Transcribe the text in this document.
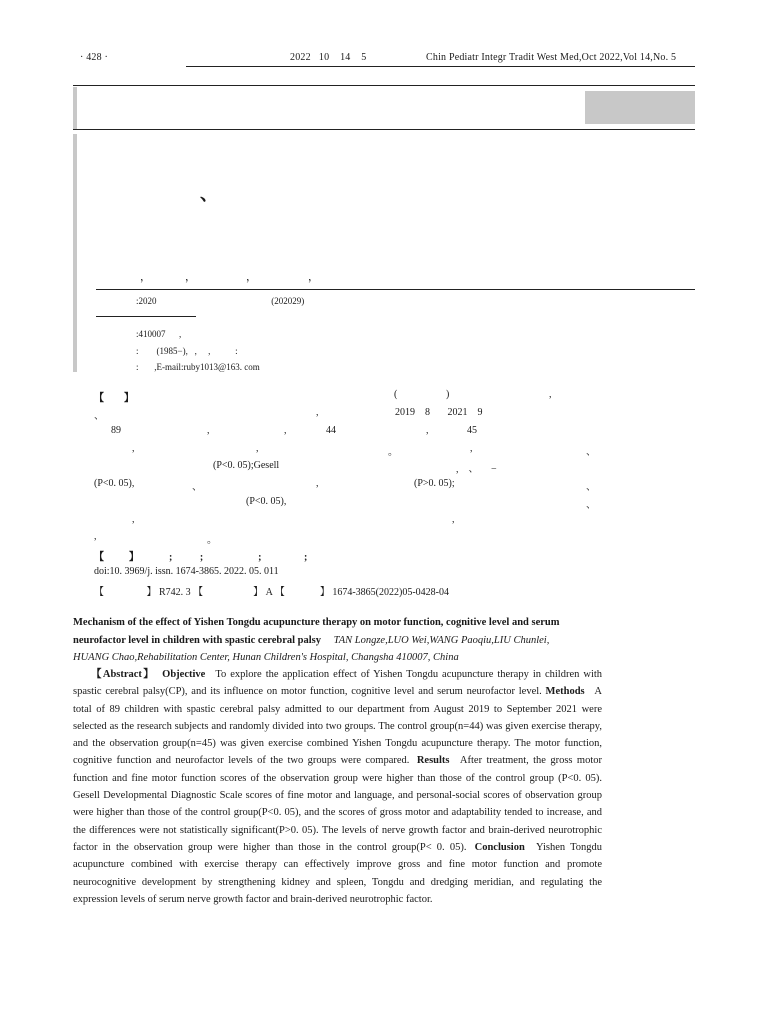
· 428 ·	2022   10    14    5	Chin Pediatr Integr Tradit West Med,Oct 2022,Vol 14,No. 5
、
，	，	，	，
:2020                                                   (202029)
:410007      ,
:        (1985−),   ,     ,           :
:       ,E-mail:ruby1013@163. com
【 】	(	)	,
、	,	2019    8       2021    9
89	,	,	44	,	45
,	,	。	,	、
(P<0. 05);Gesell	,    、     −
(P<0. 05),	、	,	(P>0. 05);	、
(P<0. 05),	、
,	,
,	。
【          】            ;           ;                      ;                 ;
doi:10. 3969/j. issn. 1674-3865. 2022. 05. 011
【                 】 R742. 3 【                    】 A 【              】 1674-3865(2022)05-0428-04
Mechanism of the effect of Yishen Tongdu acupuncture therapy on motor function, cognitive level and serum
neurofactor level in children with spastic cerebral palsy TAN Longze,LUO Wei,WANG Paoqiu,LIU Chunlei,
HUANG Chao,Rehabilitation Center, Hunan Children's Hospital, Changsha 410007, China

【Abstract】 Objective To explore the application effect of Yishen Tongdu acupuncture therapy in children with spastic cerebral palsy(CP), and its influence on motor function, cognitive level and serum neurofactor level. Methods A total of 89 children with spastic cerebral palsy admitted to our department from August 2019 to September 2021 were selected as the research subjects and randomly divided into two groups. The control group(n=44) was given exercise therapy, and the observation group(n=45) was given exercise combined Yishen Tongdu acupuncture therapy. The motor function, cognitive function and neurofactor levels of the two groups were compared. Results After treatment, the gross motor function and fine motor function scores of the observation group were higher than those of the control group (P<0. 05). Gesell Developmental Diagnostic Scale scores of fine motor and language, and personal-social scores of observation group were higher than those of the control group(P<0. 05), and the scores of gross motor and adaptability tended to increase, and the differences were not statistically significant(P>0. 05). The levels of nerve growth factor and brain-derived neurotrophic factor in the observation group were higher than those in the control group(P< 0. 05). Conclusion Yishen Tongdu acupuncture combined with exercise therapy can effectively improve gross and fine motor function and promote neurocognitive development by strengthening kidney and spleen, Tongdu and dredging meridian, and regulating the expression levels of serum nerve growth factor and brain-derived neurotrophic factor.
